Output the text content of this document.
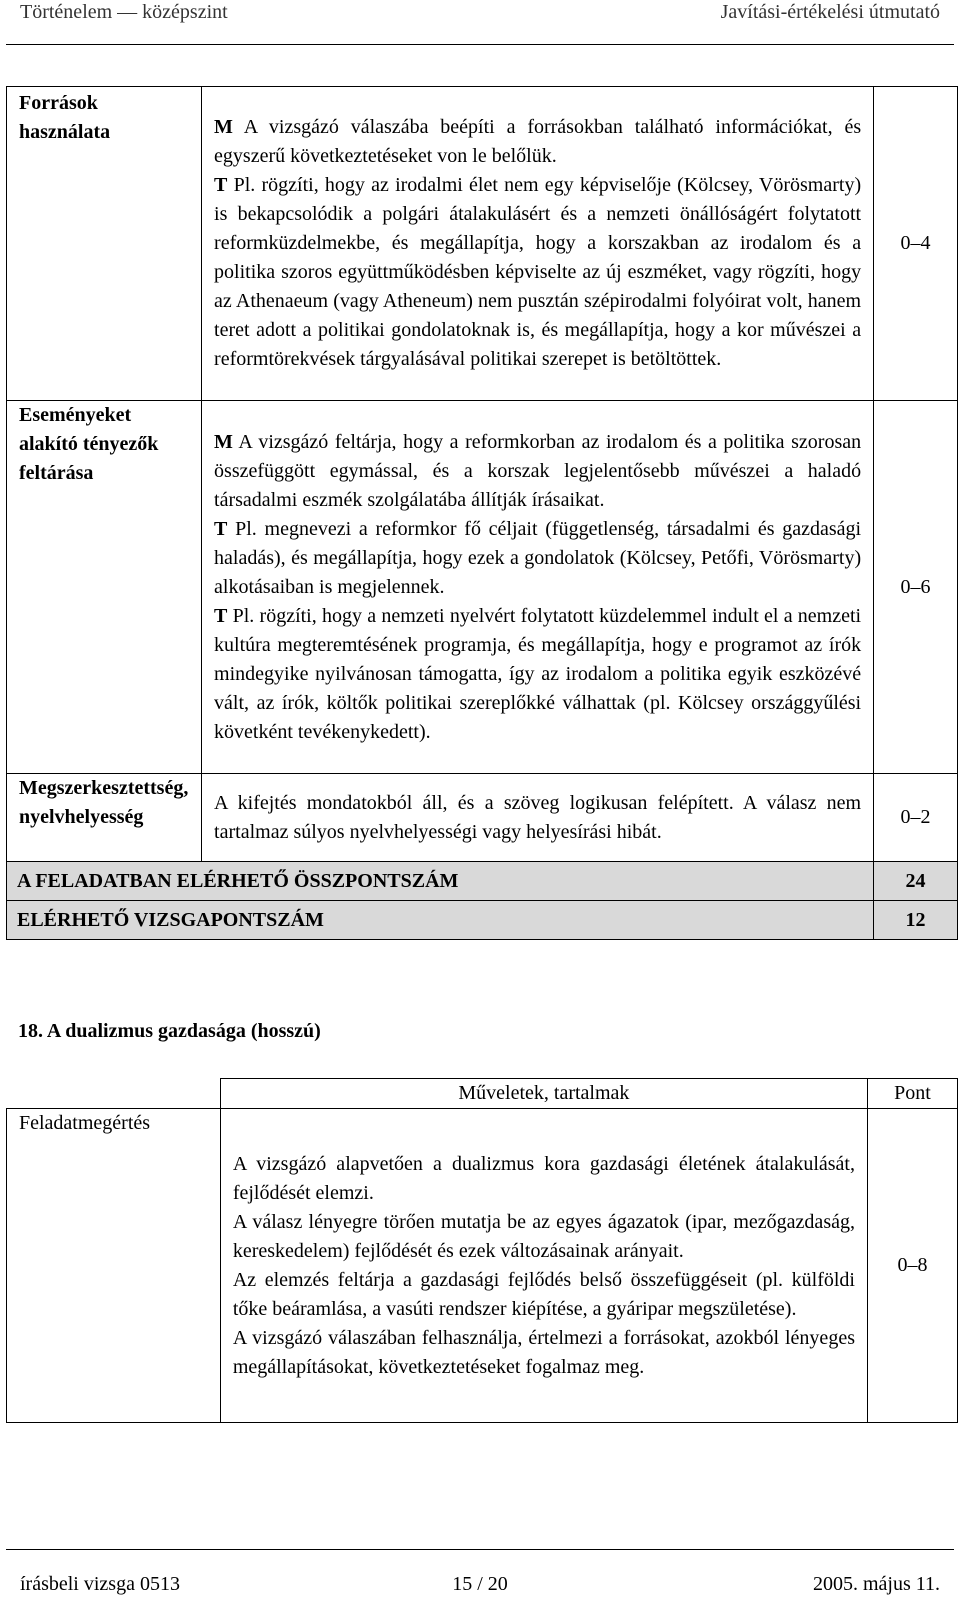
Történelem — középszint	Javítási-értékelési útmutató
Források használata	M A vizsgázó válaszába beépíti a forrásokban található információkat, és egyszerű következtetéseket von le belőlük.

T Pl. rögzíti, hogy az irodalmi élet nem egy képviselője (Kölcsey, Vörösmarty) is bekapcsolódik a polgári átalakulásért és a nemzeti önállóságért folytatott reformküzdelmekbe, és megállapítja, hogy a korszakban az irodalom és a politika szoros együttműködésben képviselte az új eszméket, vagy rögzíti, hogy az Athenaeum (vagy Atheneum) nem pusztán szépirodalmi folyóirat volt, hanem teret adott a politikai gondolatoknak is, és megállapítja, hogy a kor művészei a reformtörekvések tárgyalásával politikai szerepet is betöltöttek.	0–4
Eseményeket alakító tényezők feltárása	M A vizsgázó feltárja, hogy a reformkorban az irodalom és a politika szorosan összefüggött egymással, és a korszak legjelentősebb művészei a haladó társadalmi eszmék szolgálatába állítják írásaikat.

T Pl. megnevezi a reformkor fő céljait (függetlenség, társadalmi és gazdasági haladás), és megállapítja, hogy ezek a gondolatok (Kölcsey, Petőfi, Vörösmarty) alkotásaiban is megjelennek.

T Pl. rögzíti, hogy a nemzeti nyelvért folytatott küzdelemmel indult el a nemzeti kultúra megteremtésének programja, és megállapítja, hogy e programot az írók mindegyike nyilvánosan támogatta, így az irodalom a politika egyik eszközévé vált, az írók, költők politikai szereplőkké válhattak (pl. Kölcsey országgyűlési követként tevékenykedett).	0–6
Megszerkesztettség, nyelvhelyesség	A kifejtés mondatokból áll, és a szöveg logikusan felépített. A válasz nem tartalmaz súlyos nyelvhelyességi vagy helyesírási hibát.	0–2
A FELADATBAN ELÉRHETŐ ÖSSZPONTSZÁM		24
ELÉRHETŐ VIZSGAPONTSZÁM		12
18. A dualizmus gazdasága (hosszú)
	Műveletek, tartalmak	Pont
Feladatmegértés	A vizsgázó alapvetően a dualizmus kora gazdasági életének átalakulását, fejlődését elemzi.

A válasz lényegre törően mutatja be az egyes ágazatok (ipar, mezőgazdaság, kereskedelem) fejlődését és ezek változásainak arányait.

Az elemzés feltárja a gazdasági fejlődés belső összefüggéseit (pl. külföldi tőke beáramlása, a vasúti rendszer kiépítése, a gyáripar megszületése).

A vizsgázó válaszában felhasználja, értelmezi a forrásokat, azokból lényeges megállapításokat, következtetéseket fogalmaz meg.	0–8
írásbeli vizsga 0513	15 / 20	2005. május 11.
